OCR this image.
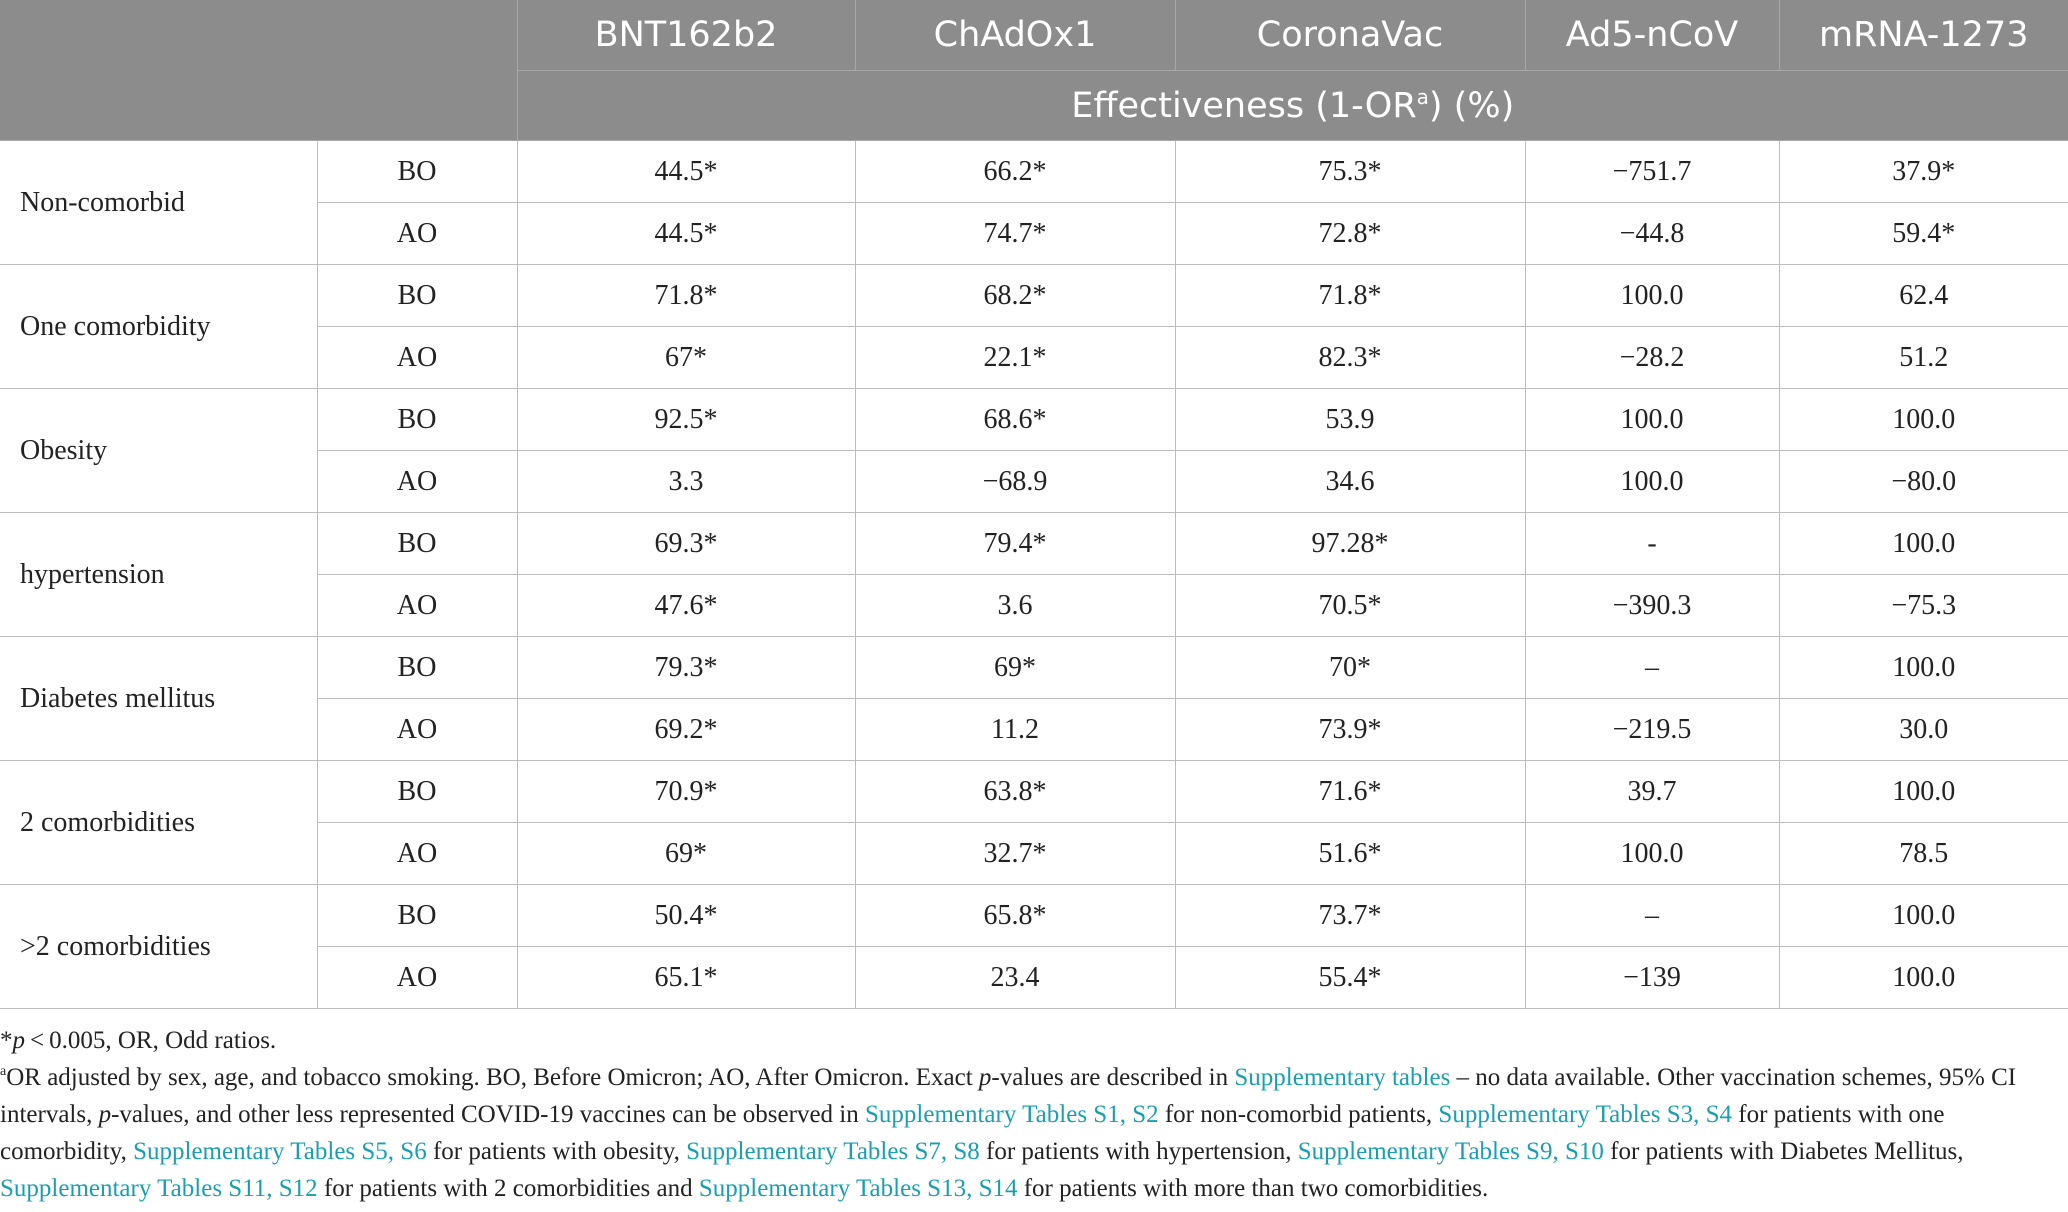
		BNT162b2	ChAdOx1	CoronaVac	Ad5-nCoV	mRNA-1273
		Effectiveness $(1-OR^a)$ (%)				
Non-comorbid	BO	44.5*	66.2*	75.3*	−751.7	37.9*
	AO	44.5*	74.7*	72.8*	−44.8	59.4*
One comorbidity	BO	71.8*	68.2*	71.8*	100.0	62.4
	AO	67*	22.1*	82.3*	−28.2	51.2
Obesity	BO	92.5*	68.6*	53.9	100.0	100.0
	AO	3.3	−68.9	34.6	100.0	−80.0
hypertension	BO	69.3*	79.4*	97.28*	-	100.0
	AO	47.6*	3.6	70.5*	−390.3	−75.3
Diabetes mellitus	BO	79.3*	69*	70*	–	100.0
	AO	69.2*	11.2	73.9*	−219.5	30.0
2 comorbidities	BO	70.9*	63.8*	71.6*	39.7	100.0
	AO	69*	32.7*	51.6*	100.0	78.5
>2 comorbidities	BO	50.4*	65.8*	73.7*	–	100.0
	AO	65.1*	23.4	55.4*	−139	100.0

*p < 0.005, OR, Odd ratios.

$^a$OR adjusted by sex, age, and tobacco smoking. BO, Before Omicron; AO, After Omicron. Exact p-values are described in Supplementary tables – no data available. Other vaccination schemes, 95% CI intervals, p-values, and other less represented COVID-19 vaccines can be observed in Supplementary Tables S1, S2 for non-comorbid patients, Supplementary Tables S3, S4 for patients with one comorbidity, Supplementary Tables S5, S6 for patients with obesity, Supplementary Tables S7, S8 for patients with hypertension, Supplementary Tables S9, S10 for patients with Diabetes Mellitus, Supplementary Tables S11, S12 for patients with 2 comorbidities and Supplementary Tables S13, S14 for patients with more than two comorbidities.
